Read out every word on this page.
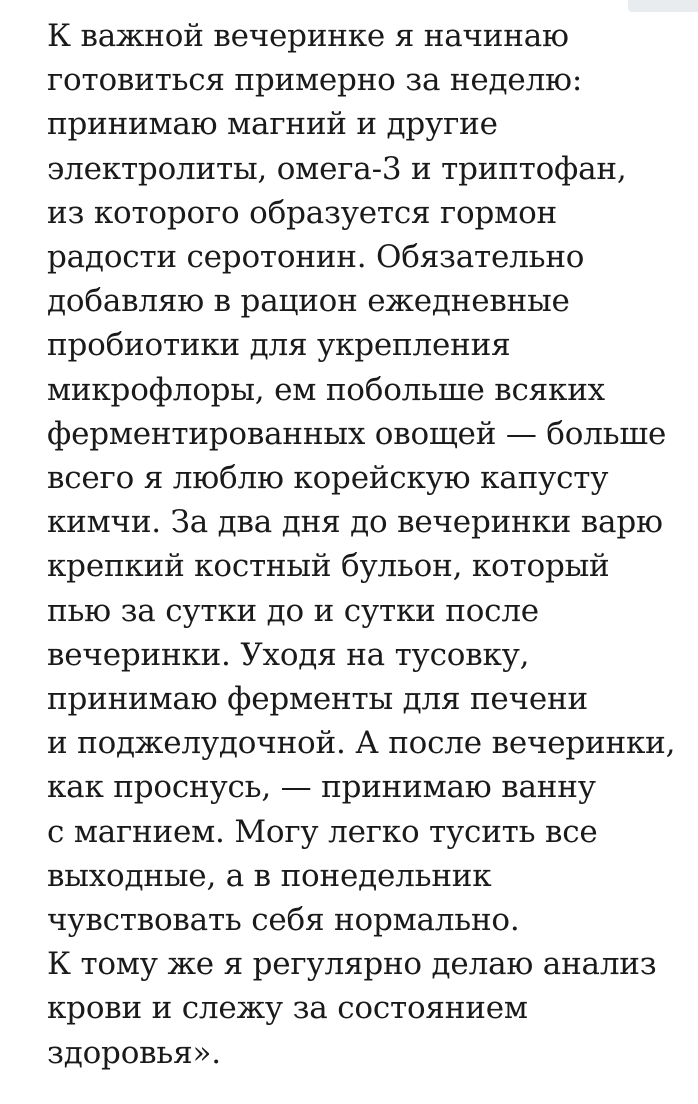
К важной вечеринке я начинаю
готовиться примерно за неделю:
принимаю магний и другие
электролиты, омега-3 и триптофан,
из которого образуется гормон
радости серотонин. Обязательно
добавляю в рацион ежедневные
пробиотики для укрепления
микрофлоры, ем побольше всяких
ферментированных овощей — больше
всего я люблю корейскую капусту
кимчи. За два дня до вечеринки варю
крепкий костный бульон, который
пью за сутки до и сутки после
вечеринки. Уходя на тусовку,
принимаю ферменты для печени
и поджелудочной. А после вечеринки,
как проснусь, — принимаю ванну
с магнием. Могу легко тусить все
выходные, а в понедельник
чувствовать себя нормально.
К тому же я регулярно делаю анализ
крови и слежу за состоянием
здоровья».
